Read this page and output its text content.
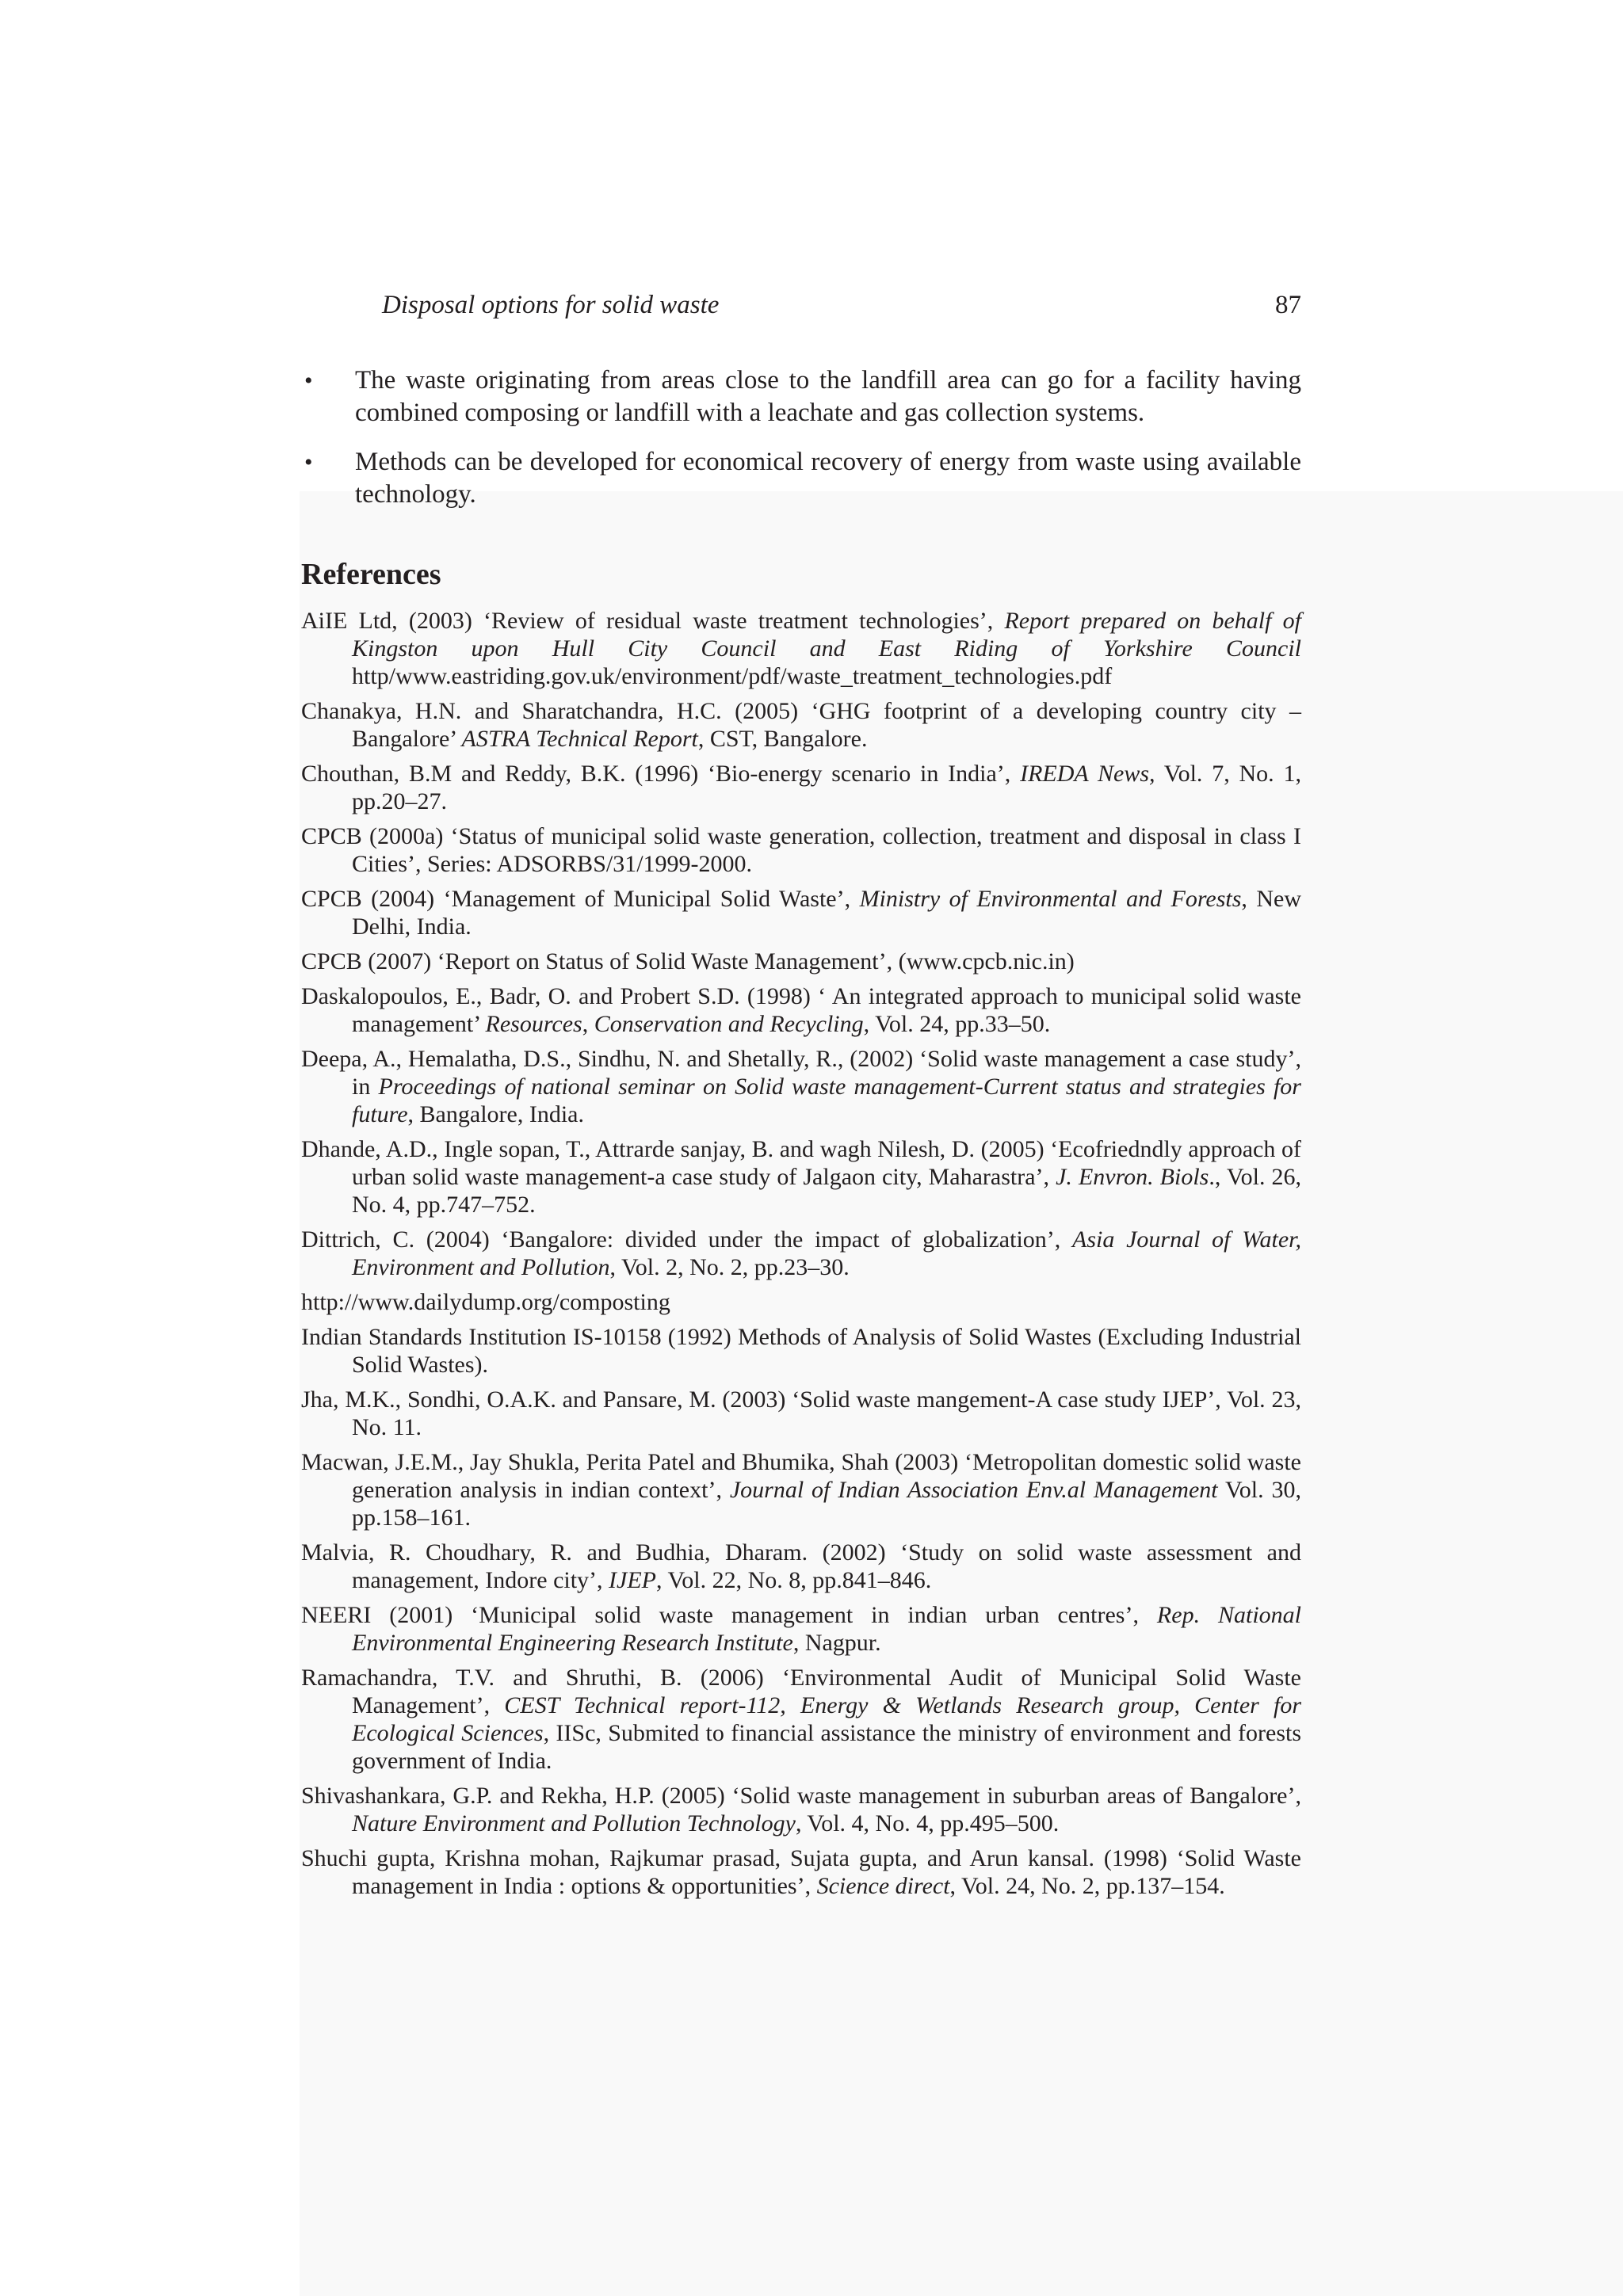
Disposal options for solid waste	87
• The waste originating from areas close to the landfill area can go for a facility having combined composing or landfill with a leachate and gas collection systems.
• Methods can be developed for economical recovery of energy from waste using available technology.
References
AiIE Ltd, (2003) ‘Review of residual waste treatment technologies’, Report prepared on behalf of Kingston upon Hull City Council and East Riding of Yorkshire Council http/www.eastriding.gov.uk/environment/pdf/waste_treatment_technologies.pdf
Chanakya, H.N. and Sharatchandra, H.C. (2005) ‘GHG footprint of a developing country city – Bangalore’ ASTRA Technical Report, CST, Bangalore.
Chouthan, B.M and Reddy, B.K. (1996) ‘Bio-energy scenario in India’, IREDA News, Vol. 7, No. 1, pp.20–27.
CPCB (2000a) ‘Status of municipal solid waste generation, collection, treatment and disposal in class I Cities’, Series: ADSORBS/31/1999-2000.
CPCB (2004) ‘Management of Municipal Solid Waste’, Ministry of Environmental and Forests, New Delhi, India.
CPCB (2007) ‘Report on Status of Solid Waste Management’, (www.cpcb.nic.in)
Daskalopoulos, E., Badr, O. and Probert S.D. (1998) ‘ An integrated approach to municipal solid waste management’ Resources, Conservation and Recycling, Vol. 24, pp.33–50.
Deepa, A., Hemalatha, D.S., Sindhu, N. and Shetally, R., (2002) ‘Solid waste management a case study’, in Proceedings of national seminar on Solid waste management-Current status and strategies for future, Bangalore, India.
Dhande, A.D., Ingle sopan, T., Attrarde sanjay, B. and wagh Nilesh, D. (2005) ‘Ecofriedndly approach of urban solid waste management-a case study of Jalgaon city, Maharastra’, J. Envron. Biols., Vol. 26, No. 4, pp.747–752.
Dittrich, C. (2004) ‘Bangalore: divided under the impact of globalization’, Asia Journal of Water, Environment and Pollution, Vol. 2, No. 2, pp.23–30.
http://www.dailydump.org/composting
Indian Standards Institution IS-10158 (1992) Methods of Analysis of Solid Wastes (Excluding Industrial Solid Wastes).
Jha, M.K., Sondhi, O.A.K. and Pansare, M. (2003) ‘Solid waste mangement-A case study IJEP’, Vol. 23, No. 11.
Macwan, J.E.M., Jay Shukla, Perita Patel and Bhumika, Shah (2003) ‘Metropolitan domestic solid waste generation analysis in indian context’, Journal of Indian Association Env.al Management Vol. 30, pp.158–161.
Malvia, R. Choudhary, R. and Budhia, Dharam. (2002) ‘Study on solid waste assessment and management, Indore city’, IJEP, Vol. 22, No. 8, pp.841–846.
NEERI (2001) ‘Municipal solid waste management in indian urban centres’, Rep. National Environmental Engineering Research Institute, Nagpur.
Ramachandra, T.V. and Shruthi, B. (2006) ‘Environmental Audit of Municipal Solid Waste Management’, CEST Technical report-112, Energy & Wetlands Research group, Center for Ecological Sciences, IISc, Submited to financial assistance the ministry of environment and forests government of India.
Shivashankara, G.P. and Rekha, H.P. (2005) ‘Solid waste management in suburban areas of Bangalore’, Nature Environment and Pollution Technology, Vol. 4, No. 4, pp.495–500.
Shuchi gupta, Krishna mohan, Rajkumar prasad, Sujata gupta, and Arun kansal. (1998) ‘Solid Waste management in India : options & opportunities’, Science direct, Vol. 24, No. 2, pp.137–154.
